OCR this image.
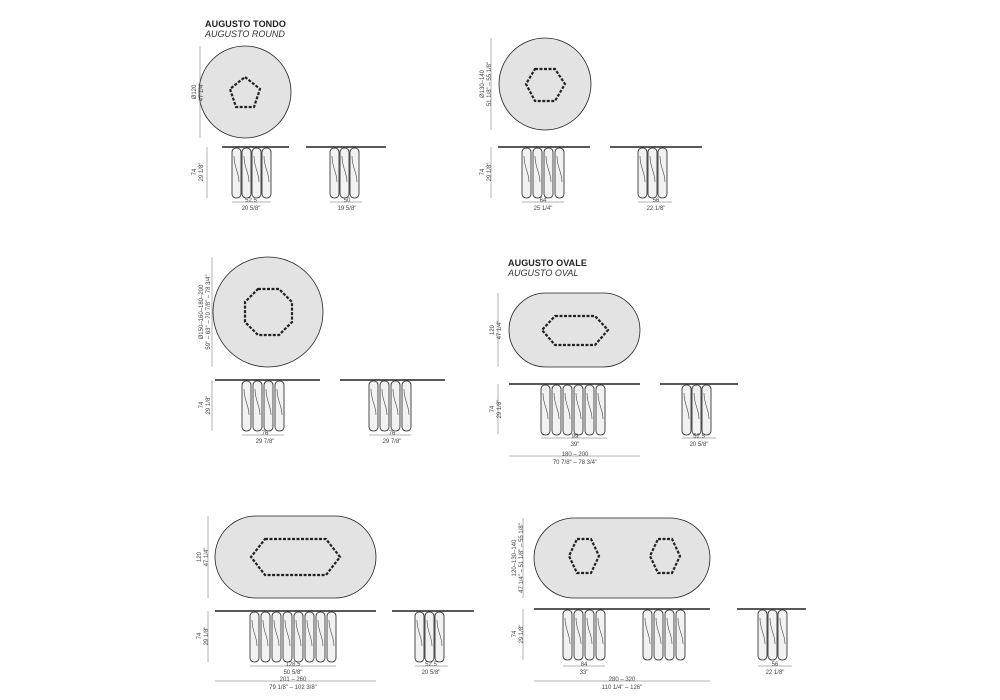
AUGUSTO TONDO
AUGUSTO ROUND
AUGUSTO OVALE
AUGUSTO OVAL
Ø120 47 1/4"
74 29 1/8"
52.5
20 5/8"
50
19 5/8"
Ø130–140 51 1/8" – 55 1/8"
74 29 1/8"
64
25 1/4"
56
22 1/8"
Ø150–160–180–200 59" – 63" – 70 7/8" – 78 3/4"
74 29 1/8"
76
29 7/8"
76
29 7/8"
120 47 1/4"
74 29 1/8"
99
39"
180 – 200
70 7/8" – 78 3/4"
52.5
20 5/8"
120 47 1/4"
74 29 1/8"
128.5
50 5/8"
201 – 260
79 1/8" – 102 3/8"
52.5
20 5/8"
120–130–140 47 1/4" – 51 1/8" – 55 1/8"
74 29 1/8"
84
33"
280 – 320
110 1/4" – 126"
56
22 1/8"
